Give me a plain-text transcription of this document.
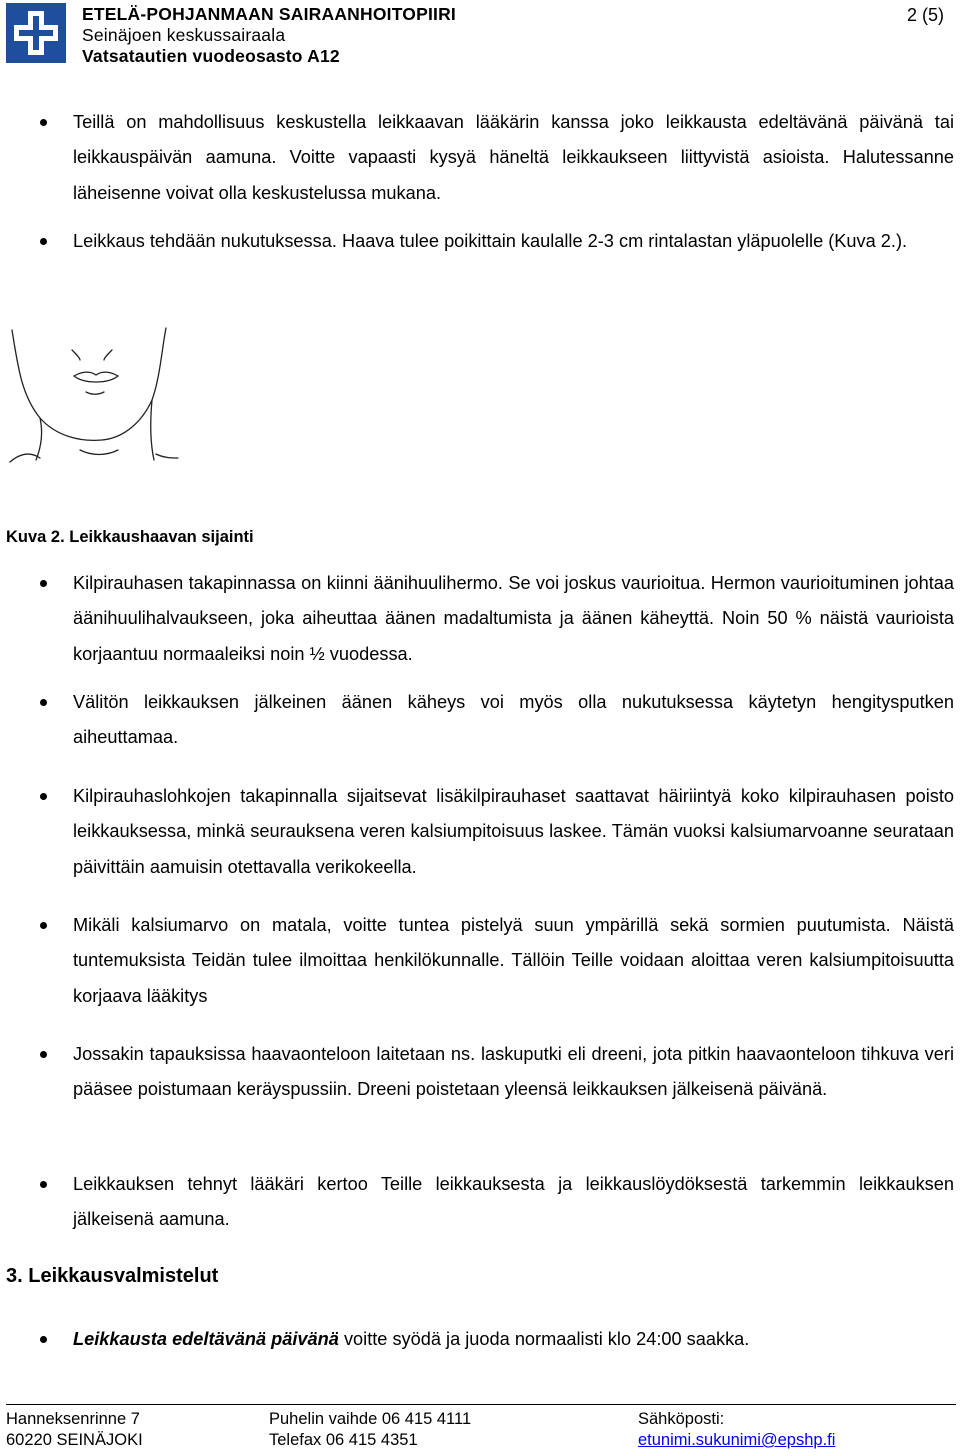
ETELÄ-POHJANMAAN SAIRAANHOITOPIIRI
Seinäjoen keskussairaala
Vatsatautien vuodeosasto A12
2 (5)
Teillä on mahdollisuus keskustella leikkaavan lääkärin kanssa joko leikkausta edeltävänä päivänä tai leikkauspäivän aamuna. Voitte vapaasti kysyä häneltä leikkaukseen liittyvistä asioista. Halutessanne läheisenne voivat olla keskustelussa mukana.
Leikkaus tehdään nukutuksessa. Haava tulee poikittain kaulalle 2-3 cm rintalastan yläpuolelle (Kuva 2.).
Kuva 2. Leikkaushaavan sijainti
Kilpirauhasen takapinnassa on kiinni äänihuulihermo. Se voi joskus vaurioitua. Hermon vaurioituminen johtaa äänihuulihalvaukseen, joka aiheuttaa äänen madaltumista ja äänen käheyttä. Noin 50 % näistä vaurioista korjaantuu normaaleiksi noin ½ vuodessa.
Välitön leikkauksen jälkeinen äänen käheys voi myös olla nukutuksessa käytetyn hengitysputken aiheuttamaa.
Kilpirauhaslohkojen takapinnalla sijaitsevat lisäkilpirauhaset saattavat häiriintyä koko kilpirauhasen poisto leikkauksessa, minkä seurauksena veren kalsiumpitoisuus laskee. Tämän vuoksi kalsiumarvoanne seurataan päivittäin aamuisin otettavalla verikokeella.
Mikäli kalsiumarvo on matala, voitte tuntea pistelyä suun ympärillä sekä sormien puutumista. Näistä tuntemuksista Teidän tulee ilmoittaa henkilökunnalle. Tällöin Teille voidaan aloittaa veren kalsiumpitoisuutta korjaava lääkitys
Jossakin tapauksissa haavaonteloon laitetaan ns. laskuputki eli dreeni, jota pitkin haavaonteloon tihkuva veri pääsee poistumaan keräyspussiin. Dreeni poistetaan yleensä leikkauksen jälkeisenä päivänä.
Leikkauksen tehnyt lääkäri kertoo Teille leikkauksesta ja leikkauslöydöksestä tarkemmin leikkauksen jälkeisenä aamuna.
3. Leikkausvalmistelut
Leikkausta edeltävänä päivänä voitte syödä ja juoda normaalisti klo 24:00 saakka.
Hanneksenrinne 7
60220 SEINÄJOKI
Puhelin vaihde 06 415 4111
Telefax 06 415 4351
Sähköposti:
etunimi.sukunimi@epshp.fi
